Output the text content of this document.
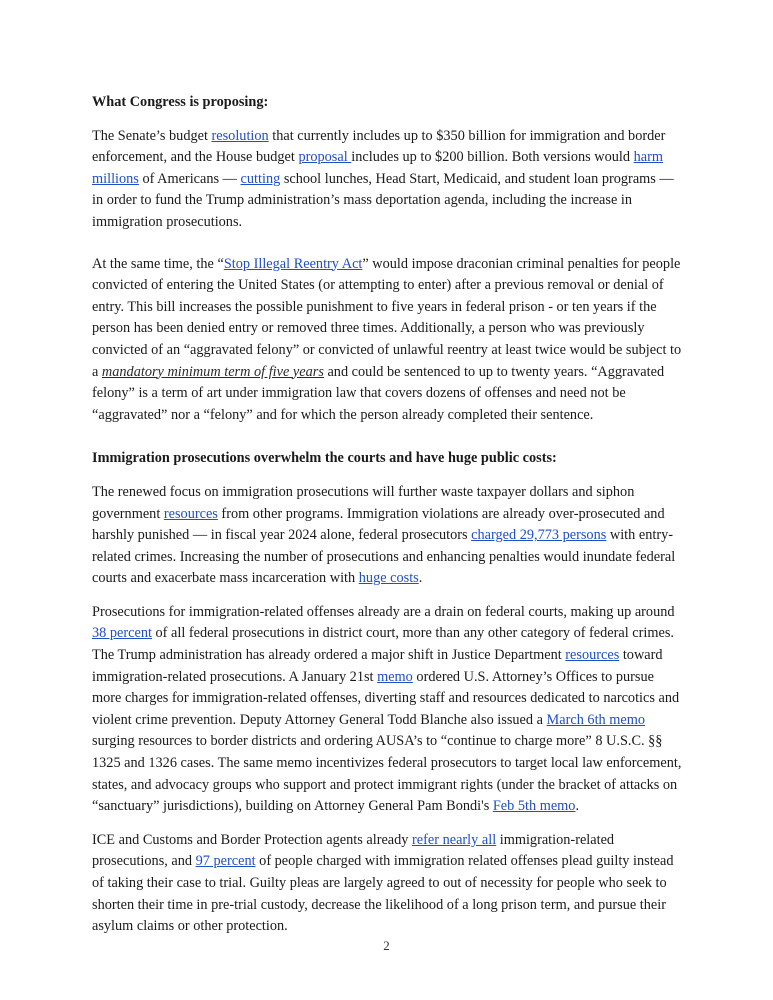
What Congress is proposing:

The Senate’s budget resolution that currently includes up to $350 billion for immigration and border enforcement, and the House budget proposal includes up to $200 billion. Both versions would harm millions of Americans — cutting school lunches, Head Start, Medicaid, and student loan programs — in order to fund the Trump administration’s mass deportation agenda, including the increase in immigration prosecutions.

At the same time, the “Stop Illegal Reentry Act” would impose draconian criminal penalties for people convicted of entering the United States (or attempting to enter) after a previous removal or denial of entry. This bill increases the possible punishment to five years in federal prison - or ten years if the person has been denied entry or removed three times. Additionally, a person who was previously convicted of an “aggravated felony” or convicted of unlawful reentry at least twice would be subject to a mandatory minimum term of five years and could be sentenced to up to twenty years. “Aggravated felony” is a term of art under immigration law that covers dozens of offenses and need not be “aggravated” nor a “felony” and for which the person already completed their sentence.

Immigration prosecutions overwhelm the courts and have huge public costs:

The renewed focus on immigration prosecutions will further waste taxpayer dollars and siphon government resources from other programs. Immigration violations are already over-prosecuted and harshly punished — in fiscal year 2024 alone, federal prosecutors charged 29,773 persons with entry-related crimes. Increasing the number of prosecutions and enhancing penalties would inundate federal courts and exacerbate mass incarceration with huge costs.

Prosecutions for immigration-related offenses already are a drain on federal courts, making up around 38 percent of all federal prosecutions in district court, more than any other category of federal crimes. The Trump administration has already ordered a major shift in Justice Department resources toward immigration-related prosecutions. A January 21st memo ordered U.S. Attorney’s Offices to pursue more charges for immigration-related offenses, diverting staff and resources dedicated to narcotics and violent crime prevention. Deputy Attorney General Todd Blanche also issued a March 6th memo surging resources to border districts and ordering AUSA’s to “continue to charge more” 8 U.S.C. §§ 1325 and 1326 cases. The same memo incentivizes federal prosecutors to target local law enforcement, states, and advocacy groups who support and protect immigrant rights (under the bracket of attacks on “sanctuary” jurisdictions), building on Attorney General Pam Bondi's Feb 5th memo.

ICE and Customs and Border Protection agents already refer nearly all immigration-related prosecutions, and 97 percent of people charged with immigration related offenses plead guilty instead of taking their case to trial. Guilty pleas are largely agreed to out of necessity for people who seek to shorten their time in pre-trial custody, decrease the likelihood of a long prison term, and pursue their asylum claims or other protection.

2
